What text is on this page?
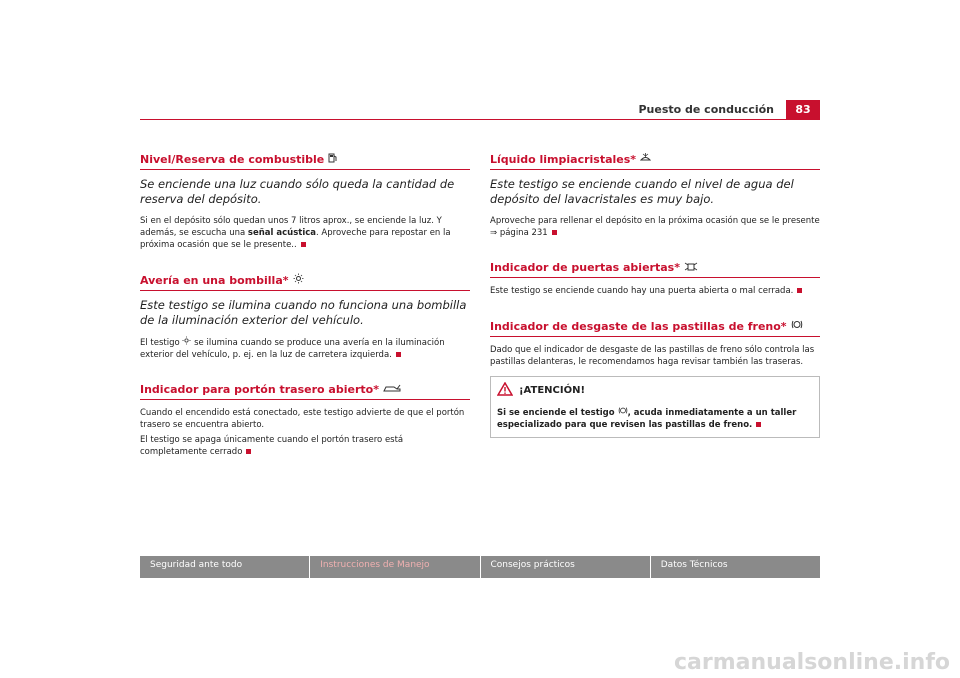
Puesto de conducción	83
Nivel/Reserva de combustible

Se enciende una luz cuando sólo queda la cantidad de reserva del depósito.

Si en el depósito sólo quedan unos 7 litros aprox., se enciende la luz. Y además, se escucha una señal acústica. Aproveche para repostar en la próxima ocasión que se le presente..

Avería en una bombilla*

Este testigo se ilumina cuando no funciona una bombilla de la iluminación exterior del vehículo.

El testigo  se ilumina cuando se produce una avería en la iluminación exterior del vehículo, p. ej. en la luz de carretera izquierda.

Indicador para portón trasero abierto*

Cuando el encendido está conectado, este testigo advierte de que el portón trasero se encuentra abierto.

El testigo se apaga únicamente cuando el portón trasero está completamente cerrado

Líquido limpiacristales*

Este testigo se enciende cuando el nivel de agua del depósito del lavacristales es muy bajo.

Aproveche para rellenar el depósito en la próxima ocasión que se le presente ⇒ página 231

Indicador de puertas abiertas*

Este testigo se enciende cuando hay una puerta abierta o mal cerrada.

Indicador de desgaste de las pastillas de freno*

Dado que el indicador de desgaste de las pastillas de freno sólo controla las pastillas delanteras, le recomendamos haga revisar también las traseras.

¡ATENCIÓN!
Si se enciende el testigo , acuda inmediatamente a un taller especializado para que revisen las pastillas de freno.
Seguridad ante todo	Instrucciones de Manejo	Consejos prácticos	Datos Técnicos
carmanualsonline.info
